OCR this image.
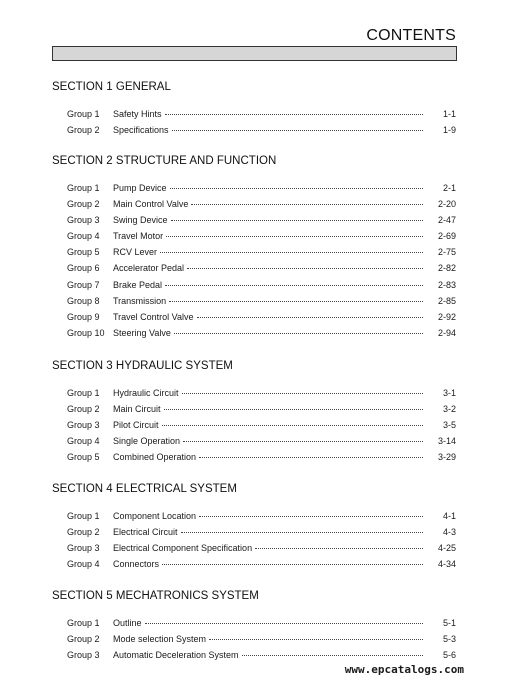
CONTENTS
SECTION 1 GENERAL
Group 1	Safety Hints	1-1
Group 2	Specifications	1-9
SECTION 2 STRUCTURE AND FUNCTION
Group 1	Pump Device	2-1
Group 2	Main Control Valve	2-20
Group 3	Swing Device	2-47
Group 4	Travel Motor	2-69
Group 5	RCV Lever	2-75
Group 6	Accelerator Pedal	2-82
Group 7	Brake Pedal	2-83
Group 8	Transmission	2-85
Group 9	Travel Control Valve	2-92
Group 10 Steering Valve	2-94
SECTION 3 HYDRAULIC SYSTEM
Group 1	Hydraulic Circuit	3-1
Group 2	Main Circuit	3-2
Group 3	Pilot Circuit	3-5
Group 4	Single Operation	3-14
Group 5	Combined Operation	3-29
SECTION 4 ELECTRICAL SYSTEM
Group 1	Component Location	4-1
Group 2	Electrical Circuit	4-3
Group 3	Electrical Component Specification	4-25
Group 4	Connectors	4-34
SECTION 5 MECHATRONICS SYSTEM
Group 1	Outline	5-1
Group 2	Mode selection System	5-3
Group 3	Automatic Deceleration System	5-6
www.epcatalogs.com
